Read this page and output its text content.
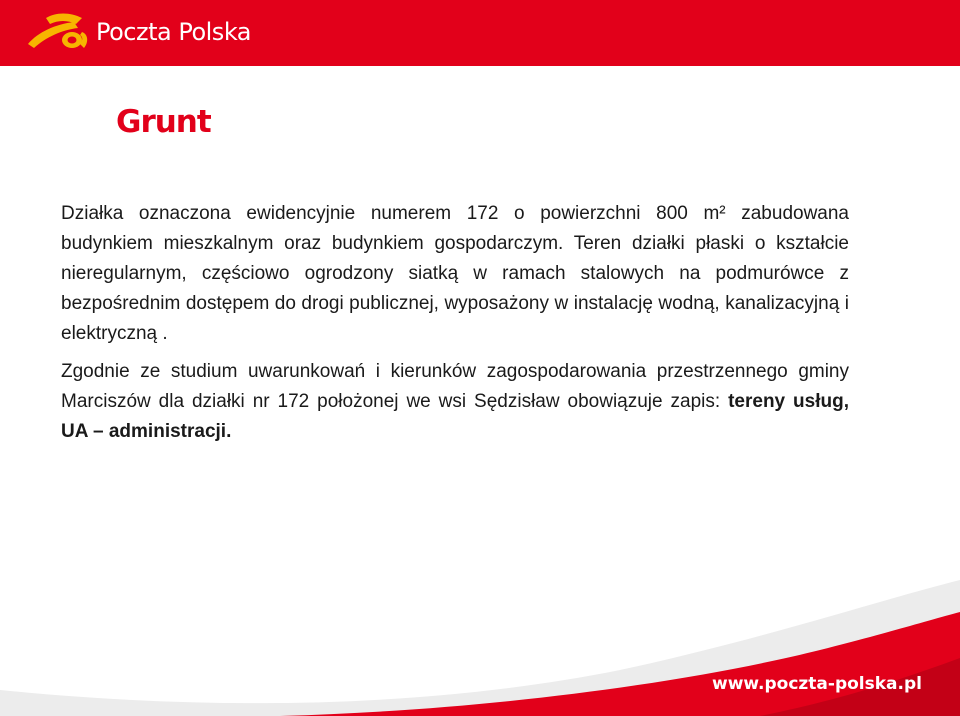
Poczta Polska
Grunt

Działka oznaczona ewidencyjnie numerem 172 o powierzchni 800 m² zabudowana budynkiem mieszkalnym oraz budynkiem gospodarczym. Teren działki płaski o kształcie nieregularnym, częściowo ogrodzony siatką w ramach stalowych na podmurówce z bezpośrednim dostępem do drogi publicznej, wyposażony w instalację wodną, kanalizacyjną i elektryczną .

Zgodnie ze studium uwarunkowań i kierunków zagospodarowania przestrzennego gminy Marciszów dla działki nr 172 położonej we wsi Sędzisław obowiązuje zapis: tereny usług, UA – administracji.

www.poczta-polska.pl
